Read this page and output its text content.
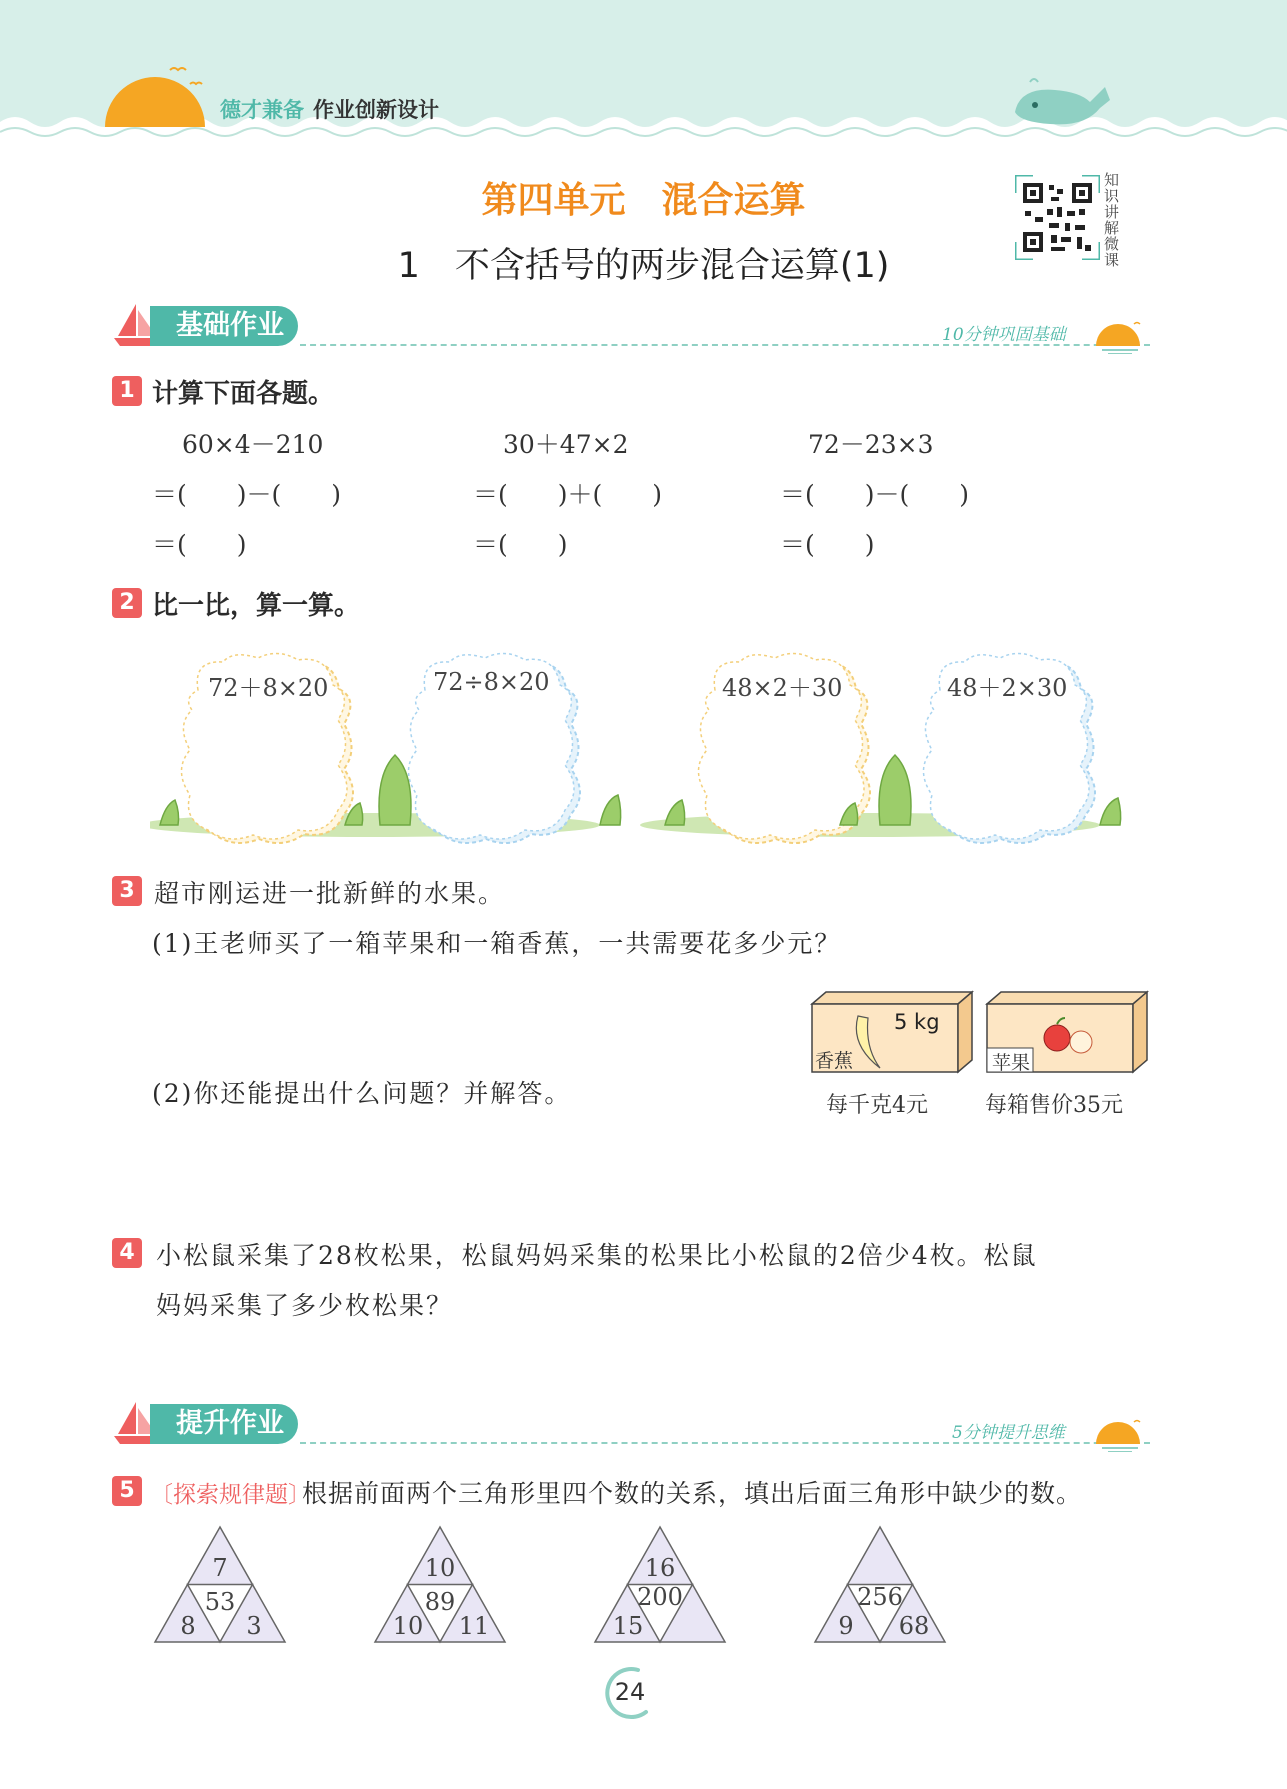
德才兼备 作业创新设计
知识讲解微课
第四单元　混合运算
1　不含括号的两步混合运算(1)
基础作业	10分钟巩固基础
1 计算下面各题。
60×4－210
＝(　　)－(　　)
＝(　　)
30＋47×2
＝(　　)＋(　　)
＝(　　)
72－23×3
＝(　　)－(　　)
＝(　　)
2 比一比，算一算。
72＋8×20	72÷8×20	48×2＋30	48＋2×30
3 超市刚运进一批新鲜的水果。
(1)王老师买了一箱苹果和一箱香蕉，一共需要花多少元？
5 kg
香蕉
每千克4元
苹果
每箱售价35元
(2)你还能提出什么问题？并解答。
4 小松鼠采集了28枚松果，松鼠妈妈采集的松果比小松鼠的2倍少4枚。松鼠
妈妈采集了多少枚松果？
提升作业	5分钟提升思维
5 〔探索规律题〕
根据前面两个三角形里四个数的关系，填出后面三角形中缺少的数。
7
53
8	3
10
89
10	11
16
200
15
256
9	68
24
